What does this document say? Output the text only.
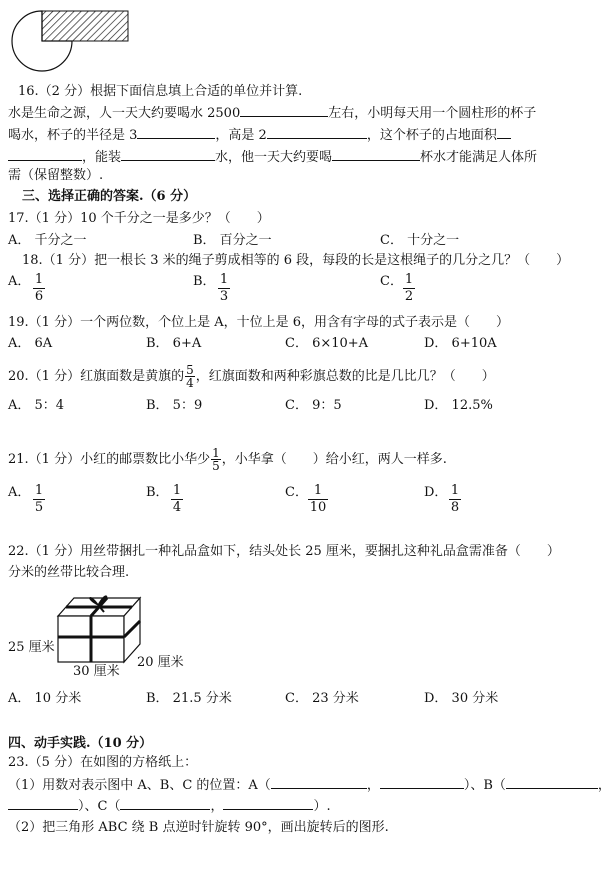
16.（2 分）根据下面信息填上合适的单位并计算.
水是生命之源，人一天大约要喝水 2500	左右，小明每天用一个圆柱形的杯子
喝水，杯子的半径是 3	，高是 2	，这个杯子的占地面积
，能装	水，他一天大约要喝	杯水才能满足人体所
需（保留整数）.
三、选择正确的答案.（6 分）
17.（1 分）10 个千分之一是多少？（　　）
A． 千分之一	B． 百分之一	C． 十分之一
18.（1 分）把一根长 3 米的绳子剪成相等的 6 段，每段的长是这根绳子的几分之几？（　　）
A． $\frac{1}{6}$	B． $\frac{1}{3}$	C． $\frac{1}{2}$
19.（1 分）一个两位数，个位上是 A，十位上是 6，用含有字母的式子表示是（　　）
A． 6A	B． 6+A	C． 6×10+A	D． 6+10A
20.（1 分）红旗面数是黄旗的 $\frac{5}{4}$ ，红旗面数和两种彩旗总数的比是几比几？（　　）
A． 5：4	B． 5：9	C． 9：5	D． 12.5%
21.（1 分）小红的邮票数比小华少 $\frac{1}{5}$ ，小华拿（　　）给小红，两人一样多.
A． $\frac{1}{5}$	B． $\frac{1}{4}$	C． $\frac{1}{10}$	D． $\frac{1}{8}$
22.（1 分）用丝带捆扎一种礼品盒如下，结头处长 25 厘米，要捆扎这种礼品盒需准备（　　）
分米的丝带比较合理.
25 厘米
30 厘米
20 厘米
A． 10 分米	B． 21.5 分米	C． 23 分米	D． 30 分米
四、动手实践.（10 分）
23.（5 分）在如图的方格纸上：
（1）用数对表示图中 A、B、C 的位置：A（	，	）、B（	，
）、C（	，	）.
（2）把三角形 ABC 绕 B 点逆时针旋转 90°，画出旋转后的图形.
